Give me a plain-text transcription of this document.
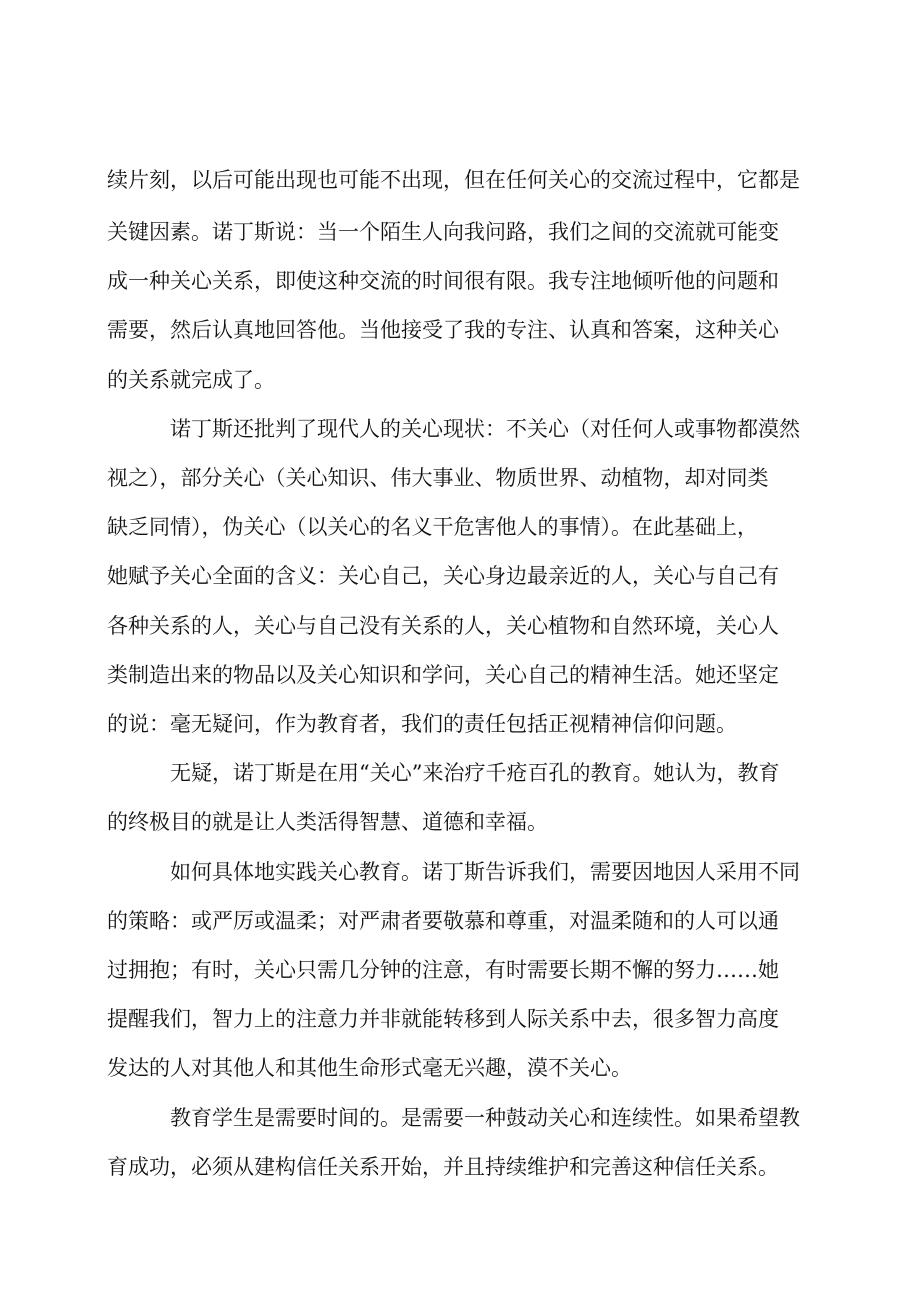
续片刻，以后可能出现也可能不出现，但在任何关心的交流过程中，它都是
关键因素。诺丁斯说：当一个陌生人向我问路，我们之间的交流就可能变
成一种关心关系，即使这种交流的时间很有限。我专注地倾听他的问题和
需要，然后认真地回答他。当他接受了我的专注、认真和答案，这种关心
的关系就完成了。
诺丁斯还批判了现代人的关心现状：不关心（对任何人或事物都漠然
视之），部分关心（关心知识、伟大事业、物质世界、动植物，却对同类
缺乏同情），伪关心（以关心的名义干危害他人的事情）。在此基础上，
她赋予关心全面的含义：关心自己，关心身边最亲近的人，关心与自己有
各种关系的人，关心与自己没有关系的人，关心植物和自然环境，关心人
类制造出来的物品以及关心知识和学问，关心自己的精神生活。她还坚定
的说：毫无疑问，作为教育者，我们的责任包括正视精神信仰问题。
无疑，诺丁斯是在用“关心”来治疗千疮百孔的教育。她认为，教育
的终极目的就是让人类活得智慧、道德和幸福。
如何具体地实践关心教育。诺丁斯告诉我们，需要因地因人采用不同
的策略：或严厉或温柔；对严肃者要敬慕和尊重，对温柔随和的人可以通
过拥抱；有时，关心只需几分钟的注意，有时需要长期不懈的努力……她
提醒我们，智力上的注意力并非就能转移到人际关系中去，很多智力高度
发达的人对其他人和其他生命形式毫无兴趣，漠不关心。
教育学生是需要时间的。是需要一种鼓动关心和连续性。如果希望教
育成功，必须从建构信任关系开始，并且持续维护和完善这种信任关系。
